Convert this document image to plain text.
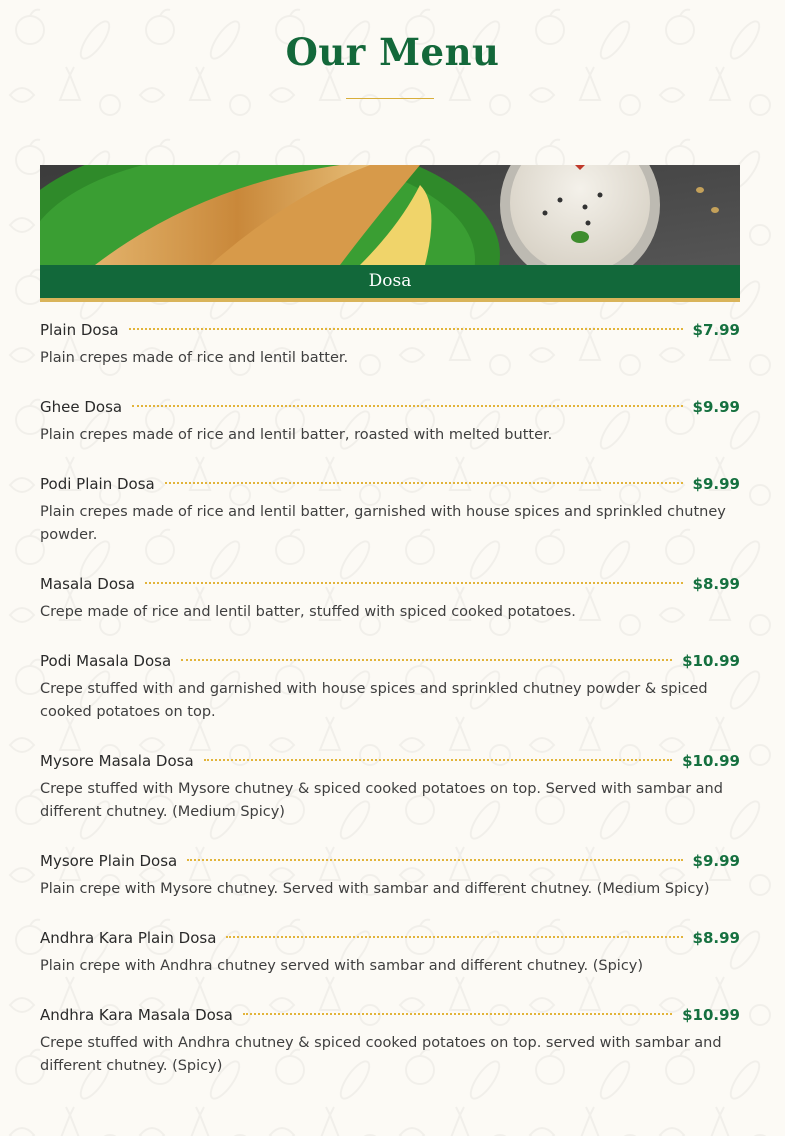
Our Menu
Dosa
Plain Dosa	$7.99
Plain crepes made of rice and lentil batter.
Ghee Dosa	$9.99
Plain crepes made of rice and lentil batter, roasted with melted butter.
Podi Plain Dosa	$9.99
Plain crepes made of rice and lentil batter, garnished with house spices and sprinkled chutney powder.
Masala Dosa	$8.99
Crepe made of rice and lentil batter, stuffed with spiced cooked potatoes.
Podi Masala Dosa	$10.99
Crepe stuffed with and garnished with house spices and sprinkled chutney powder & spiced cooked potatoes on top.
Mysore Masala Dosa	$10.99
Crepe stuffed with Mysore chutney & spiced cooked potatoes on top. Served with sambar and different chutney. (Medium Spicy)
Mysore Plain Dosa	$9.99
Plain crepe with Mysore chutney. Served with sambar and different chutney. (Medium Spicy)
Andhra Kara Plain Dosa	$8.99
Plain crepe with Andhra chutney served with sambar and different chutney. (Spicy)
Andhra Kara Masala Dosa	$10.99
Crepe stuffed with Andhra chutney & spiced cooked potatoes on top. served with sambar and different chutney. (Spicy)
